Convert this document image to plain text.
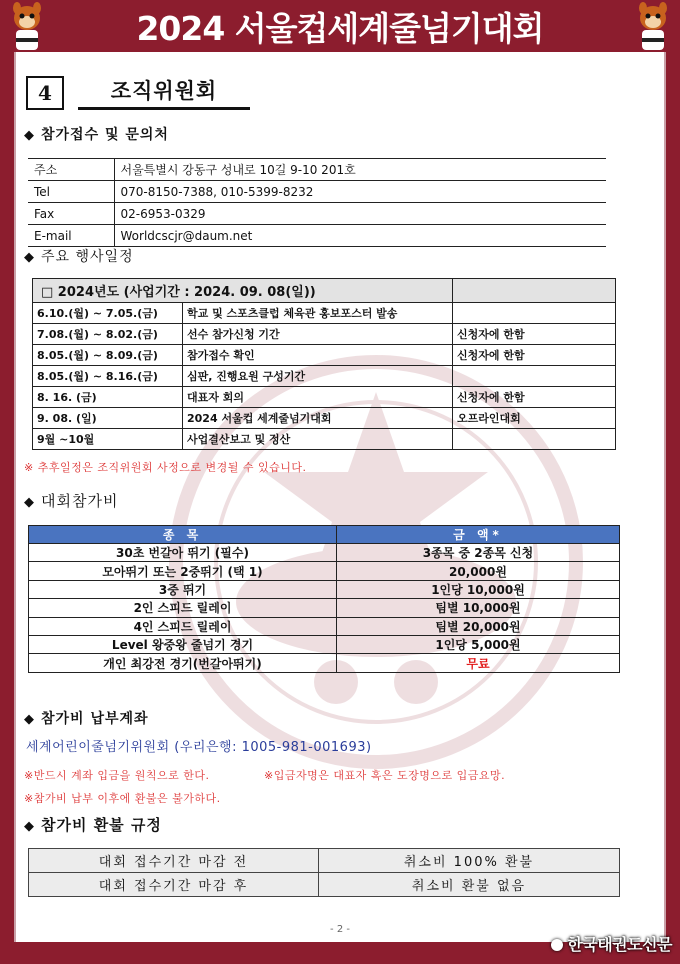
2024 서울컵세계줄넘기대회
4	조직위원회
◆ 참가접수 및 문의처
주소	서울특별시 강동구 성내로 10길 9-10 201호
Tel	070-8150-7388, 010-5399-8232
Fax	02-6953-0329
E-mail	Worldcscjr@daum.net
◆ 주요 행사일정
□ 2024년도 (사업기간 : 2024. 09. 08(일))		
6.10.(월) ~ 7.05.(금)	학교 및 스포츠클럽 체육관 홍보포스터 발송	
7.08.(월) ~ 8.02.(금)	선수 참가신청 기간	신청자에 한함
8.05.(월) ~ 8.09.(금)	참가접수 확인	신청자에 한함
8.05.(월) ~ 8.16.(금)	심판, 진행요원 구성기간	
8. 16. (금)	대표자 회의	신청자에 한함
9. 08. (일)	2024 서울컵 세계줄넘기대회	오프라인대회
9월 ~10월	사업결산보고 및 정산	
※ 추후일정은 조직위원회 사정으로 변경될 수 있습니다.
◆ 대회참가비
종 목	금 액*
30초 번갈아 뛰기 (필수)	3종목 중 2종목 신청
모아뛰기 또는 2중뛰기 (택 1)	20,000원
3중 뛰기	1인당 10,000원
2인 스피드 릴레이	팀별 10,000원
4인 스피드 릴레이	팀별 20,000원
Level 왕중왕 줄넘기 경기	1인당 5,000원
개인 최강전 경기(번갈아뛰기)	무료
◆ 참가비 납부계좌
세계어린이줄넘기위원회 (우리은행: 1005-981-001693)
※반드시 계좌 입금을 원칙으로 한다.	※입금자명은 대표자 혹은 도장명으로 입금요망.
※참가비 납부 이후에 환불은 불가하다.
◆ 참가비 환불 규정
대회 접수기간 마감 전	취소비 100% 환불
대회 접수기간 마감 후	취소비 환불 없음
- 2 -
한국태권도신문
